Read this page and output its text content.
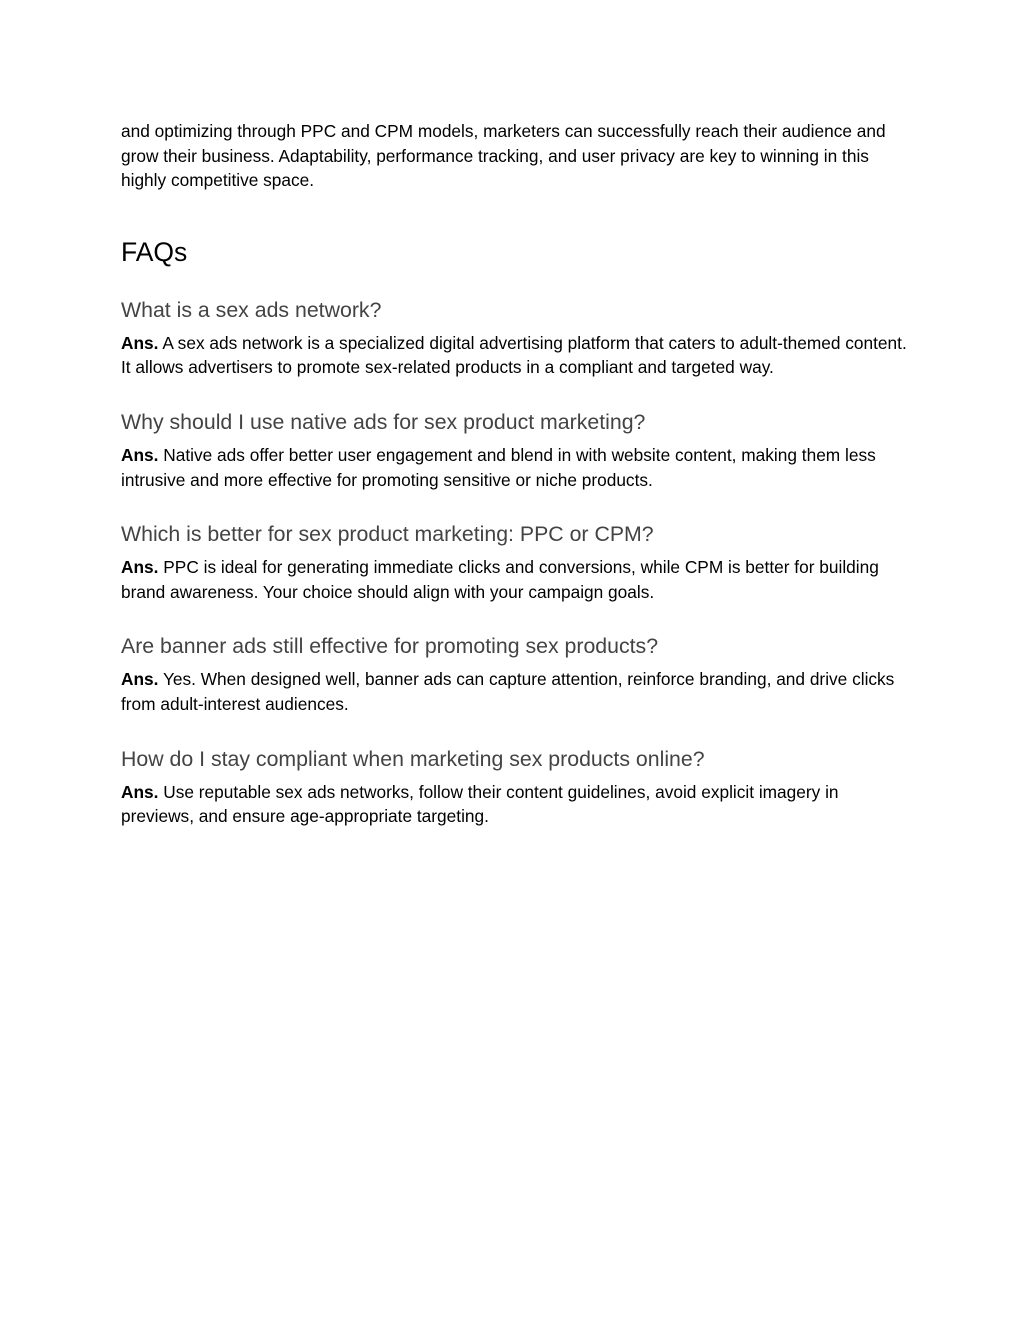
and optimizing through PPC and CPM models, marketers can successfully reach their audience and grow their business. Adaptability, performance tracking, and user privacy are key to winning in this highly competitive space.

FAQs
What is a sex ads network?

Ans. A sex ads network is a specialized digital advertising platform that caters to adult-themed content. It allows advertisers to promote sex-related products in a compliant and targeted way.

Why should I use native ads for sex product marketing?

Ans. Native ads offer better user engagement and blend in with website content, making them less intrusive and more effective for promoting sensitive or niche products.

Which is better for sex product marketing: PPC or CPM?

Ans. PPC is ideal for generating immediate clicks and conversions, while CPM is better for building brand awareness. Your choice should align with your campaign goals.

Are banner ads still effective for promoting sex products?

Ans. Yes. When designed well, banner ads can capture attention, reinforce branding, and drive clicks from adult-interest audiences.

How do I stay compliant when marketing sex products online?

Ans. Use reputable sex ads networks, follow their content guidelines, avoid explicit imagery in previews, and ensure age-appropriate targeting.
